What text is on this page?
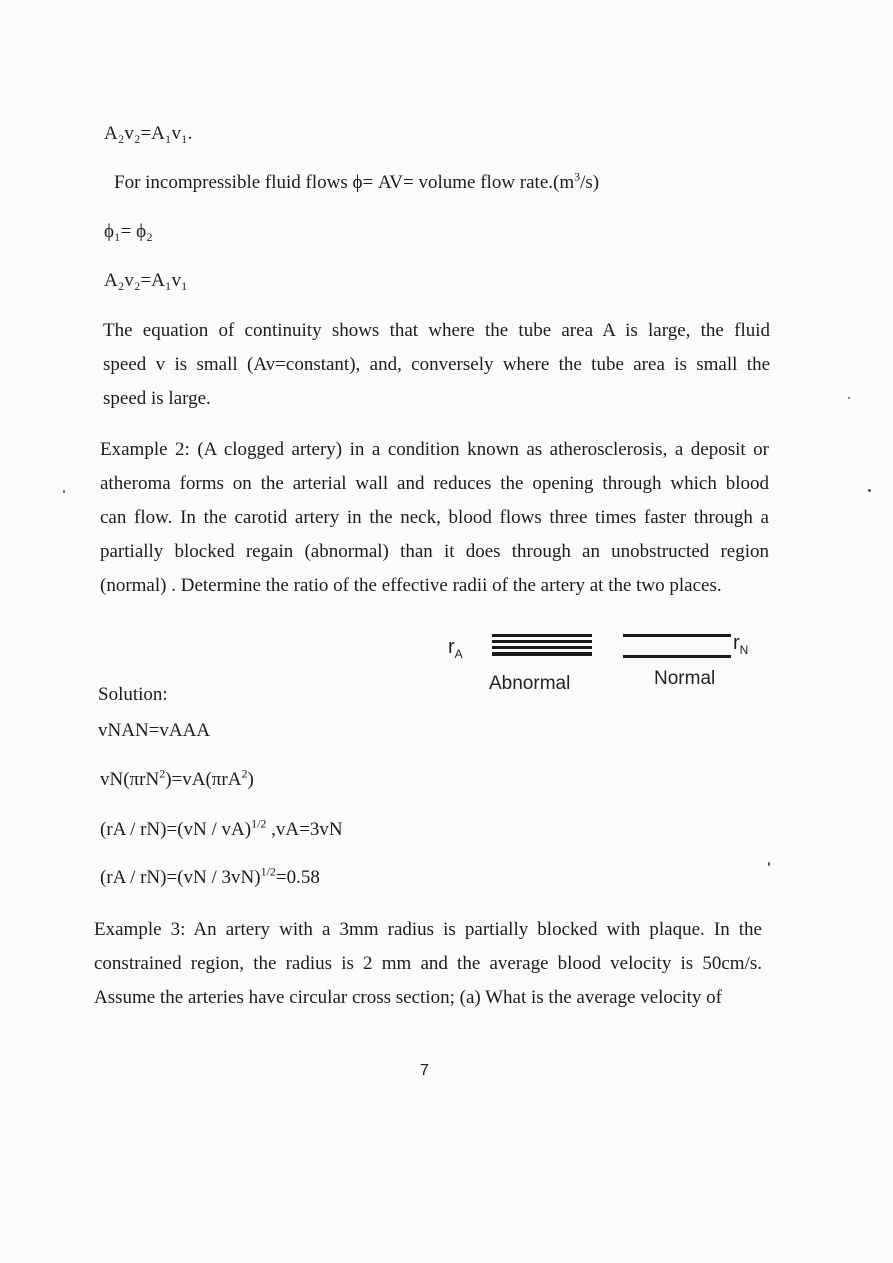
A₂v₂=A₁v₁.
For incompressible fluid flows ϕ= AV= volume flow $rate.(m^3/s)$
ϕ₁= ϕ₂
A₂v₂=A₁v₁

The equation of continuity shows that where the tube area A is large, the fluid

speed v is small (Av=constant), and, conversely where the tube area is small the

speed is large.

Example 2: (A clogged artery) in a condition known as atherosclerosis, a deposit or

atheroma forms on the arterial wall and reduces the opening through which blood

can flow. In the carotid artery in the neck, blood flows three times faster through a

partially blocked regain (abnormal) than it does through an unobstructed region

(normal) . Determine the ratio of the effective radii of the artery at the two places.

$r_A$	$r_N$
Abnormal	Normal
Solution:
vNAN=vAAA
vN(πrN$^2$)=vA(πrA$^2$)
(rA / rN)=(vN / vA)$^{1/2}$ ,vA=3vN
(rA / rN)=(vN / 3vN)$^{1/2}$=0.58

Example 3: An artery with a 3mm radius is partially blocked with plaque. In the

constrained region, the radius is 2 mm and the average blood velocity is 50cm/s.

Assume the arteries have circular cross section; (a) What is the average velocity of

7
